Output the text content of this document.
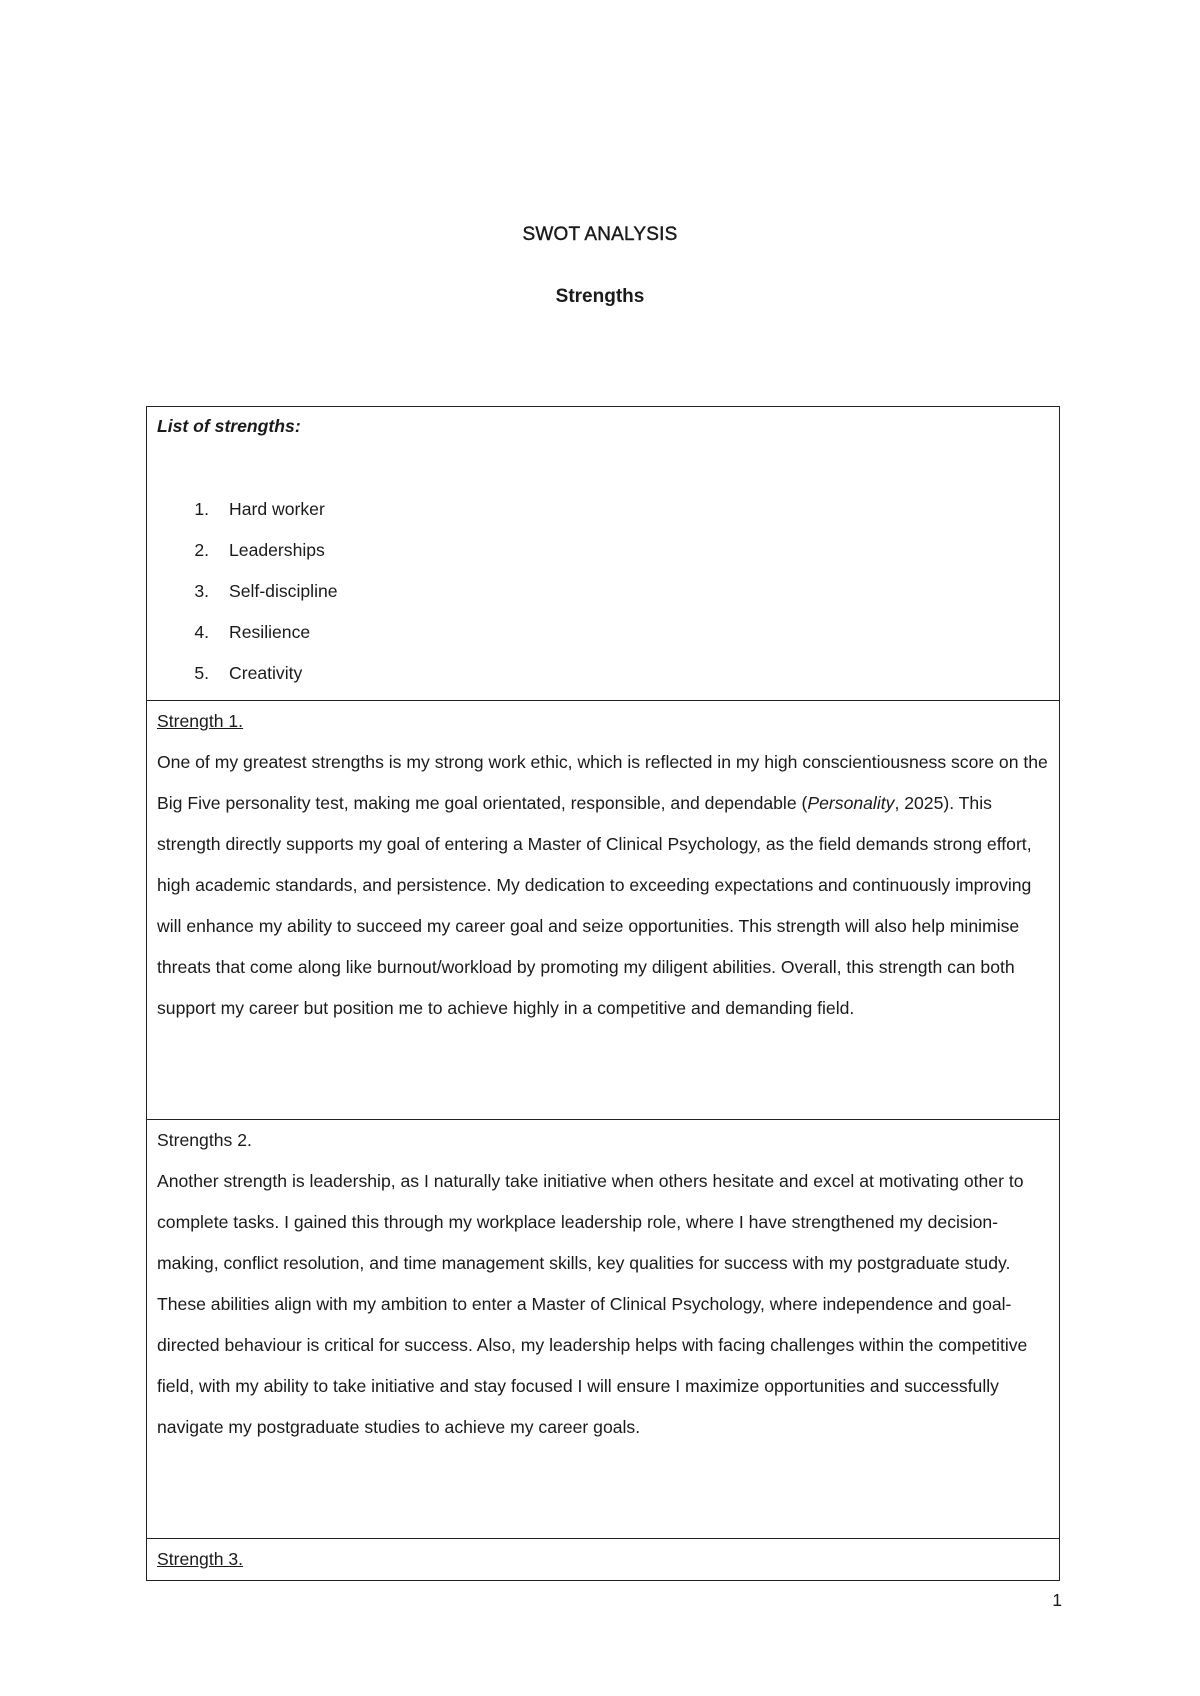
SWOT ANALYSIS
Strengths

List of strengths:

1.	Hard worker
2.	Leaderships
3.	Self-discipline
4.	Resilience
5.	Creativity

Strength 1.

One of my greatest strengths is my strong work ethic, which is reflected in my high conscientiousness score on the Big Five personality test, making me goal orientated, responsible, and dependable (Personality, 2025). This strength directly supports my goal of entering a Master of Clinical Psychology, as the field demands strong effort, high academic standards, and persistence. My dedication to exceeding expectations and continuously improving will enhance my ability to succeed my career goal and seize opportunities. This strength will also help minimise threats that come along like burnout/workload by promoting my diligent abilities. Overall, this strength can both support my career but position me to achieve highly in a competitive and demanding field.

Strengths 2.

Another strength is leadership, as I naturally take initiative when others hesitate and excel at motivating other to complete tasks. I gained this through my workplace leadership role, where I have strengthened my decision-making, conflict resolution, and time management skills, key qualities for success with my postgraduate study. These abilities align with my ambition to enter a Master of Clinical Psychology, where independence and goal-directed behaviour is critical for success. Also, my leadership helps with facing challenges within the competitive field, with my ability to take initiative and stay focused I will ensure I maximize opportunities and successfully navigate my postgraduate studies to achieve my career goals.

Strength 3.

1
